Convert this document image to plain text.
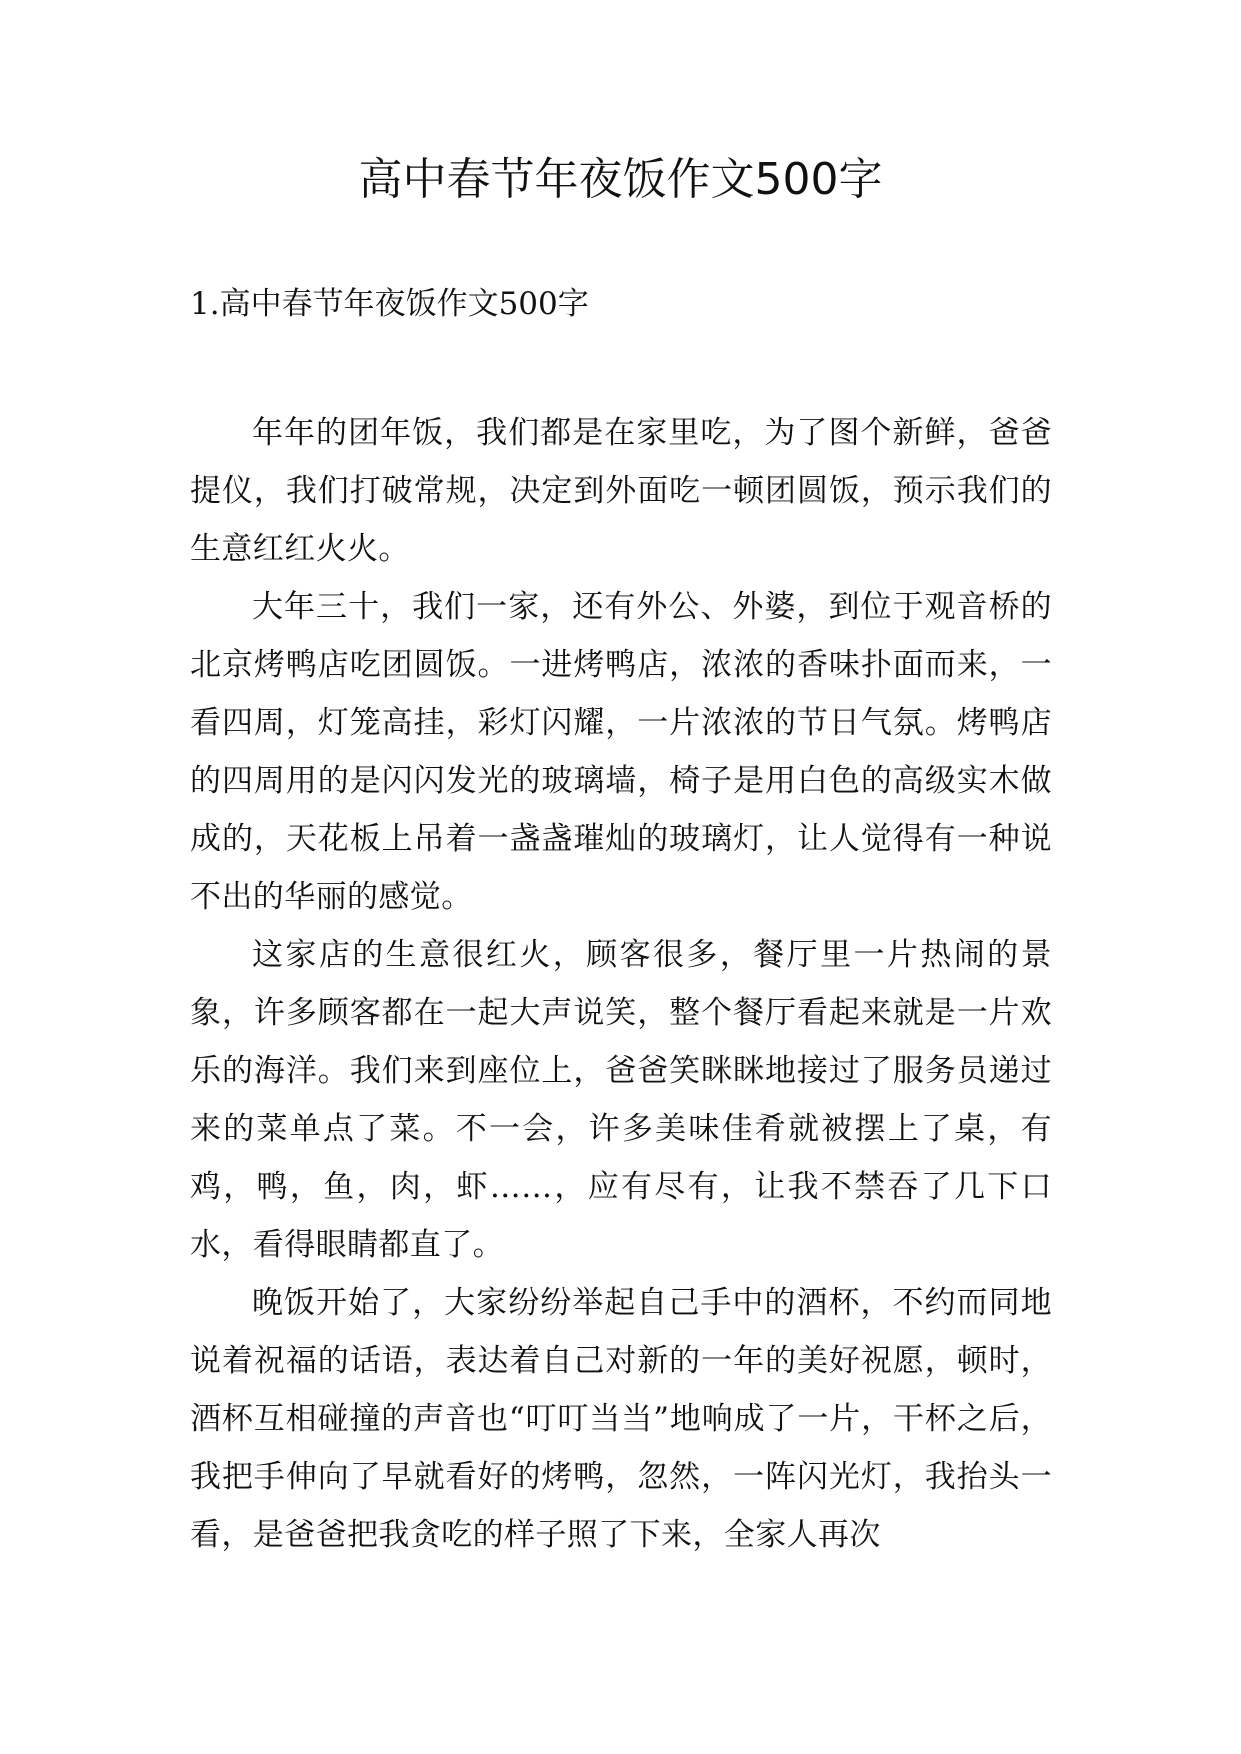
高中春节年夜饭作文500字
1.高中春节年夜饭作文500字

年年的团年饭，我们都是在家里吃，为了图个新鲜，爸爸提仪，我们打破常规，决定到外面吃一顿团圆饭，预示我们的生意红红火火。

大年三十，我们一家，还有外公、外婆，到位于观音桥的北京烤鸭店吃团圆饭。一进烤鸭店，浓浓的香味扑面而来，一看四周，灯笼高挂，彩灯闪耀，一片浓浓的节日气氛。烤鸭店的四周用的是闪闪发光的玻璃墙，椅子是用白色的高级实木做成的，天花板上吊着一盏盏璀灿的玻璃灯，让人觉得有一种说不出的华丽的感觉。

这家店的生意很红火，顾客很多，餐厅里一片热闹的景象，许多顾客都在一起大声说笑，整个餐厅看起来就是一片欢乐的海洋。我们来到座位上，爸爸笑眯眯地接过了服务员递过来的菜单点了菜。不一会，许多美味佳肴就被摆上了桌，有鸡，鸭，鱼，肉，虾……，应有尽有，让我不禁吞了几下口水，看得眼睛都直了。

晚饭开始了，大家纷纷举起自己手中的酒杯，不约而同地说着祝福的话语，表达着自己对新的一年的美好祝愿，顿时，酒杯互相碰撞的声音也“叮叮当当”地响成了一片，干杯之后，我把手伸向了早就看好的烤鸭，忽然，一阵闪光灯，我抬头一看，是爸爸把我贪吃的样子照了下来，全家人再次
